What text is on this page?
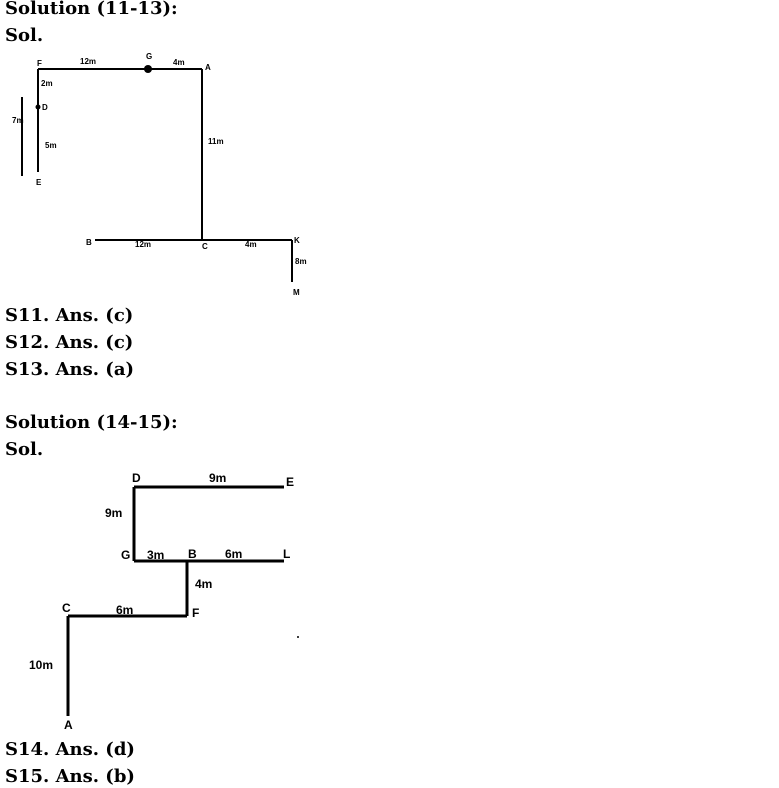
Solution (11-13):
Sol.
F
G
A
D
E
B	C
K
M
12m	4m
2m
5m
7m
11m
12m	4m
8m
D	E
G	B	L
F
C
A
9m
9m
3m	6m
4m
6m
10m
S11. Ans. (c)
S12. Ans. (c)
S13. Ans. (a)
Solution (14-15):
Sol.
S14. Ans. (d)
S15. Ans. (b)
